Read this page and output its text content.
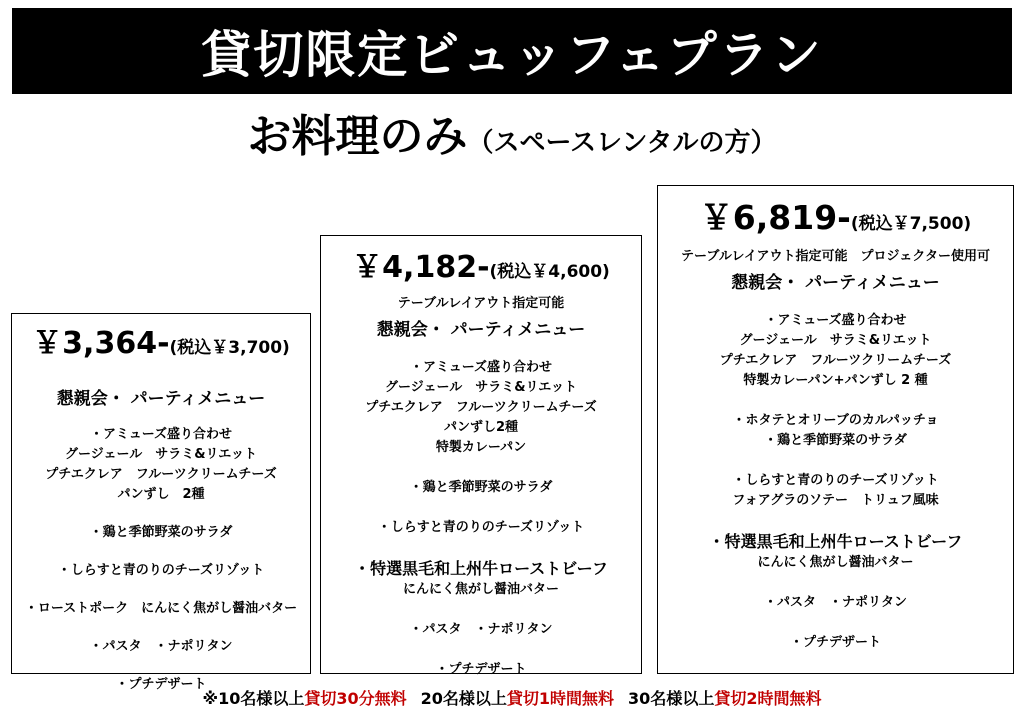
貸切限定ビュッフェプラン
お料理のみ（スペースレンタルの方）
￥3,364-(税込￥3,700)
懇親会・ パーティメニュー
・アミューズ盛り合わせ
グージェール　サラミ&リエット
プチエクレア　フルーツクリームチーズ
パンずし　2種
・鶏と季節野菜のサラダ
・しらすと青のりのチーズリゾット
・ローストポーク　にんにく焦がし醤油バター
・パスタ　・ナポリタン
・プチデザート
￥4,182-(税込￥4,600)
テーブルレイアウト指定可能
懇親会・ パーティメニュー
・アミューズ盛り合わせ
グージェール　サラミ&リエット
プチエクレア　フルーツクリームチーズ
パンずし2種
特製カレーパン
・鶏と季節野菜のサラダ
・しらすと青のりのチーズリゾット
・特選黒毛和上州牛ローストビーフ
にんにく焦がし醤油バター
・パスタ　・ナポリタン
・プチデザート
￥6,819-(税込￥7,500)
テーブルレイアウト指定可能　プロジェクター使用可
懇親会・ パーティメニュー
・アミューズ盛り合わせ
グージェール　サラミ&リエット
プチエクレア　フルーツクリームチーズ
特製カレーパン+パンずし 2 種
・ホタテとオリーブのカルパッチョ
・鶏と季節野菜のサラダ
・しらすと青のりのチーズリゾット
フォアグラのソテー　トリュフ風味
・特選黒毛和上州牛ローストビーフ
にんにく焦がし醤油バター
・パスタ　・ナポリタン
・プチデザート
※10名様以上貸切30分無料 20名様以上貸切1時間無料 30名様以上貸切2時間無料
